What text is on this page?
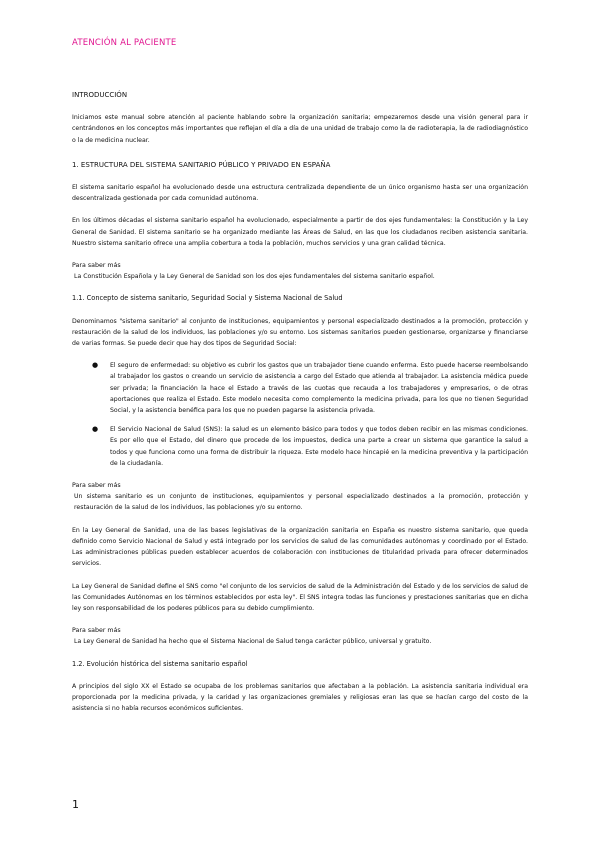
ATENCIÓN AL PACIENTE
INTRODUCCIÓN

Iniciamos este manual sobre atención al paciente hablando sobre la organización sanitaria; empezaremos desde una visión general para ir centrándonos en los conceptos más importantes que reflejan el día a día de una unidad de trabajo como la de radioterapia, la de radiodiagnóstico o la de medicina nuclear.

1. ESTRUCTURA DEL SISTEMA SANITARIO PÚBLICO Y PRIVADO EN ESPAÑA

El sistema sanitario español ha evolucionado desde una estructura centralizada dependiente de un único organismo hasta ser una organización descentralizada gestionada por cada comunidad autónoma.

En los últimos décadas el sistema sanitario español ha evolucionado, especialmente a partir de dos ejes fundamentales: la Constitución y la Ley General de Sanidad. El sistema sanitario se ha organizado mediante las Áreas de Salud, en las que los ciudadanos reciben asistencia sanitaria. Nuestro sistema sanitario ofrece una amplia cobertura a toda la población, muchos servicios y una gran calidad técnica.

Para saber más

La Constitución Española y la Ley General de Sanidad son los dos ejes fundamentales del sistema sanitario español.

1.1. Concepto de sistema sanitario, Seguridad Social y Sistema Nacional de Salud

Denominamos "sistema sanitario" al conjunto de instituciones, equipamientos y personal especializado destinados a la promoción, protección y restauración de la salud de los individuos, las poblaciones y/o su entorno. Los sistemas sanitarios pueden gestionarse, organizarse y financiarse de varias formas. Se puede decir que hay dos tipos de Seguridad Social:

● El seguro de enfermedad: su objetivo es cubrir los gastos que un trabajador tiene cuando enferma. Esto puede hacerse reembolsando al trabajador los gastos o creando un servicio de asistencia a cargo del Estado que atienda al trabajador. La asistencia médica puede ser privada; la financiación la hace el Estado a través de las cuotas que recauda a los trabajadores y empresarios, o de otras aportaciones que realiza el Estado. Este modelo necesita como complemento la medicina privada, para los que no tienen Seguridad Social, y la asistencia benéfica para los que no pueden pagarse la asistencia privada.
● El Servicio Nacional de Salud (SNS): la salud es un elemento básico para todos y que todos deben recibir en las mismas condiciones. Es por ello que el Estado, del dinero que procede de los impuestos, dedica una parte a crear un sistema que garantice la salud a todos y que funciona como una forma de distribuir la riqueza. Este modelo hace hincapié en la medicina preventiva y la participación de la ciudadanía.
Para saber más

Un sistema sanitario es un conjunto de instituciones, equipamientos y personal especializado destinados a la promoción, protección y restauración de la salud de los individuos, las poblaciones y/o su entorno.

En la Ley General de Sanidad, una de las bases legislativas de la organización sanitaria en España es nuestro sistema sanitario, que queda definido como Servicio Nacional de Salud y está integrado por los servicios de salud de las comunidades autónomas y coordinado por el Estado. Las administraciones públicas pueden establecer acuerdos de colaboración con instituciones de titularidad privada para ofrecer determinados servicios.

La Ley General de Sanidad define el SNS como "el conjunto de los servicios de salud de la Administración del Estado y de los servicios de salud de las Comunidades Autónomas en los términos establecidos por esta ley". El SNS integra todas las funciones y prestaciones sanitarias que en dicha ley son responsabilidad de los poderes públicos para su debido cumplimiento.

Para saber más

La Ley General de Sanidad ha hecho que el Sistema Nacional de Salud tenga carácter público, universal y gratuito.

1.2. Evolución histórica del sistema sanitario español

A principios del siglo XX el Estado se ocupaba de los problemas sanitarios que afectaban a la población. La asistencia sanitaria individual era proporcionada por la medicina privada, y la caridad y las organizaciones gremiales y religiosas eran las que se hacían cargo del costo de la asistencia si no había recursos económicos suficientes.

1
